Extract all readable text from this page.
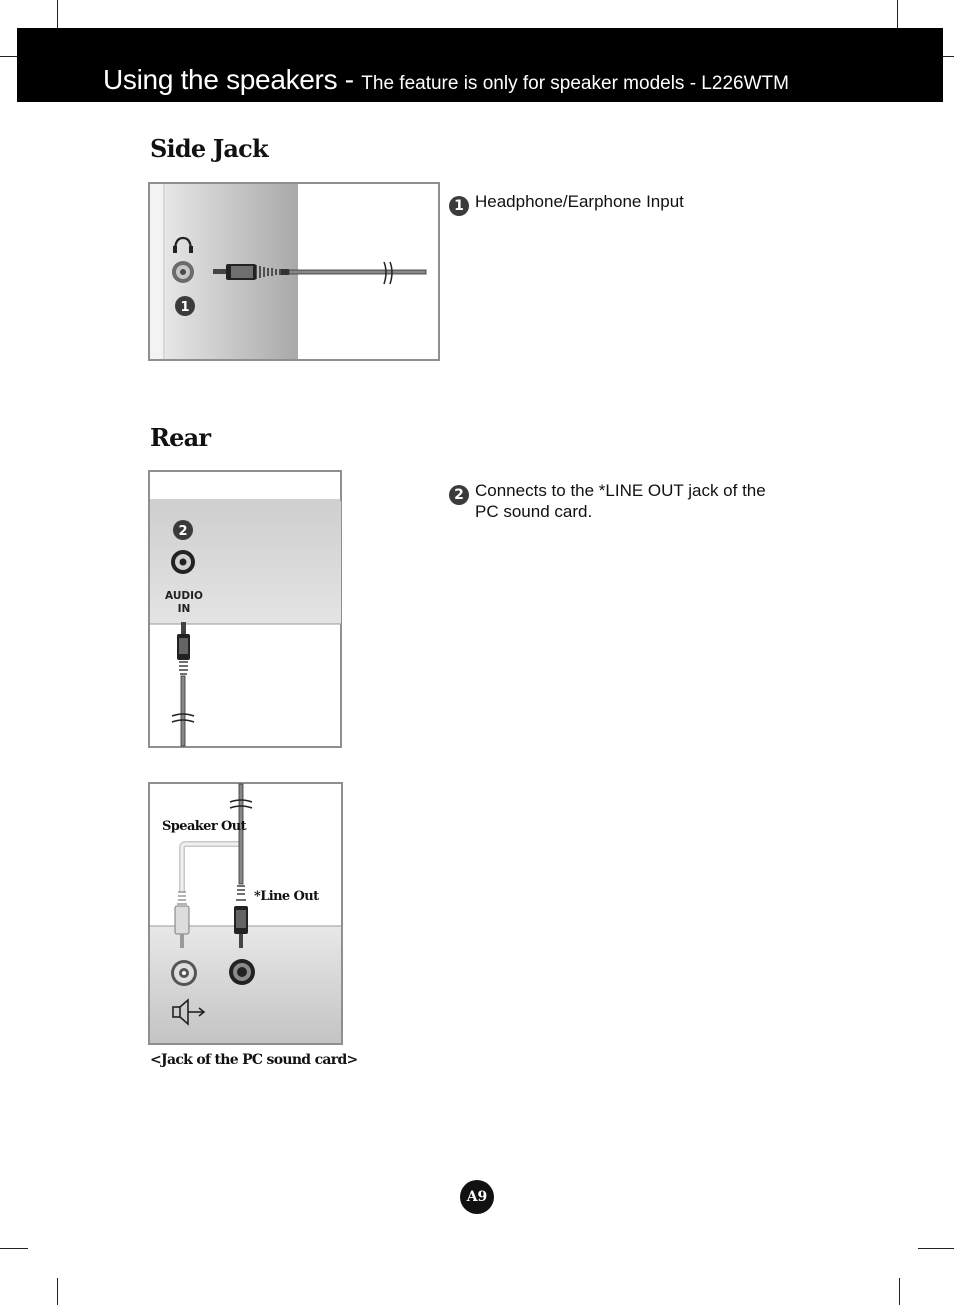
Using the speakers - The feature is only for speaker models - L226WTM
Side Jack
1
1 Headphone/Earphone Input
Rear
2
AUDIO
IN
2 Connects to the *LINE OUT jack of the
PC sound card.
Speaker Out
*Line Out
<Jack of the PC sound card>
A9
